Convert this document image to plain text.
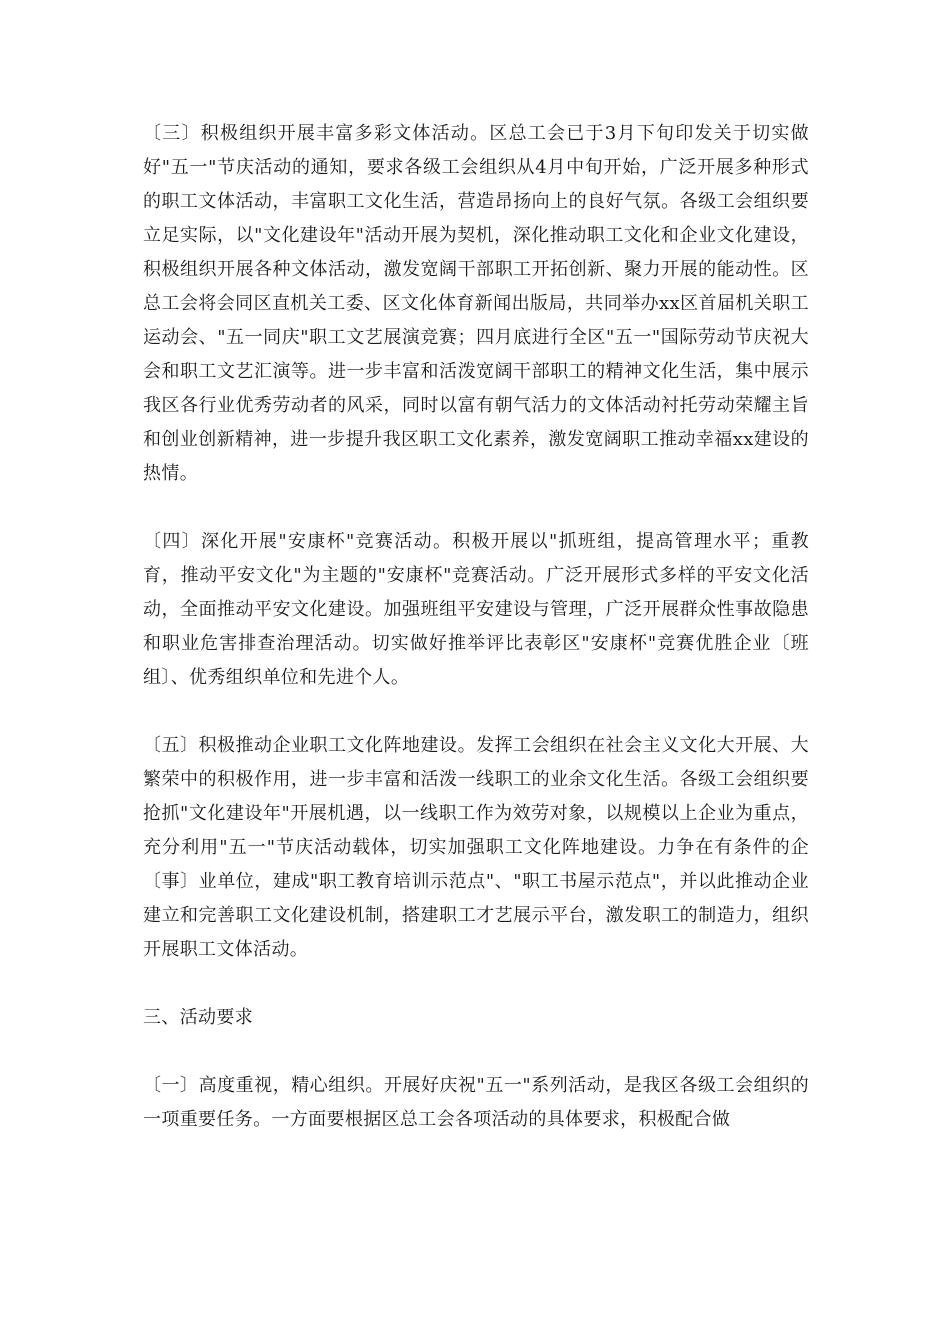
〔三〕积极组织开展丰富多彩文体活动。区总工会已于3月下旬印发关于切实做好"五一"节庆活动的通知，要求各级工会组织从4月中旬开始，广泛开展多种形式的职工文体活动，丰富职工文化生活，营造昂扬向上的良好气氛。各级工会组织要立足实际，以"文化建设年"活动开展为契机，深化推动职工文化和企业文化建设，积极组织开展各种文体活动，激发宽阔干部职工开拓创新、聚力开展的能动性。区总工会将会同区直机关工委、区文化体育新闻出版局，共同举办xx区首届机关职工运动会、"五一同庆"职工文艺展演竞赛；四月底进行全区"五一"国际劳动节庆祝大会和职工文艺汇演等。进一步丰富和活泼宽阔干部职工的精神文化生活，集中展示我区各行业优秀劳动者的风采，同时以富有朝气活力的文体活动衬托劳动荣耀主旨和创业创新精神，进一步提升我区职工文化素养，激发宽阔职工推动幸福xx建设的热情。

〔四〕深化开展"安康杯"竞赛活动。积极开展以"抓班组，提高管理水平；重教育，推动平安文化"为主题的"安康杯"竞赛活动。广泛开展形式多样的平安文化活动，全面推动平安文化建设。加强班组平安建设与管理，广泛开展群众性事故隐患和职业危害排查治理活动。切实做好推举评比表彰区"安康杯"竞赛优胜企业〔班组〕、优秀组织单位和先进个人。

〔五〕积极推动企业职工文化阵地建设。发挥工会组织在社会主义文化大开展、大繁荣中的积极作用，进一步丰富和活泼一线职工的业余文化生活。各级工会组织要抢抓"文化建设年"开展机遇，以一线职工作为效劳对象，以规模以上企业为重点，充分利用"五一"节庆活动载体，切实加强职工文化阵地建设。力争在有条件的企〔事〕业单位，建成"职工教育培训示范点"、"职工书屋示范点"，并以此推动企业建立和完善职工文化建设机制，搭建职工才艺展示平台，激发职工的制造力，组织开展职工文体活动。

三、活动要求

〔一〕高度重视，精心组织。开展好庆祝"五一"系列活动，是我区各级工会组织的一项重要任务。一方面要根据区总工会各项活动的具体要求，积极配合做
